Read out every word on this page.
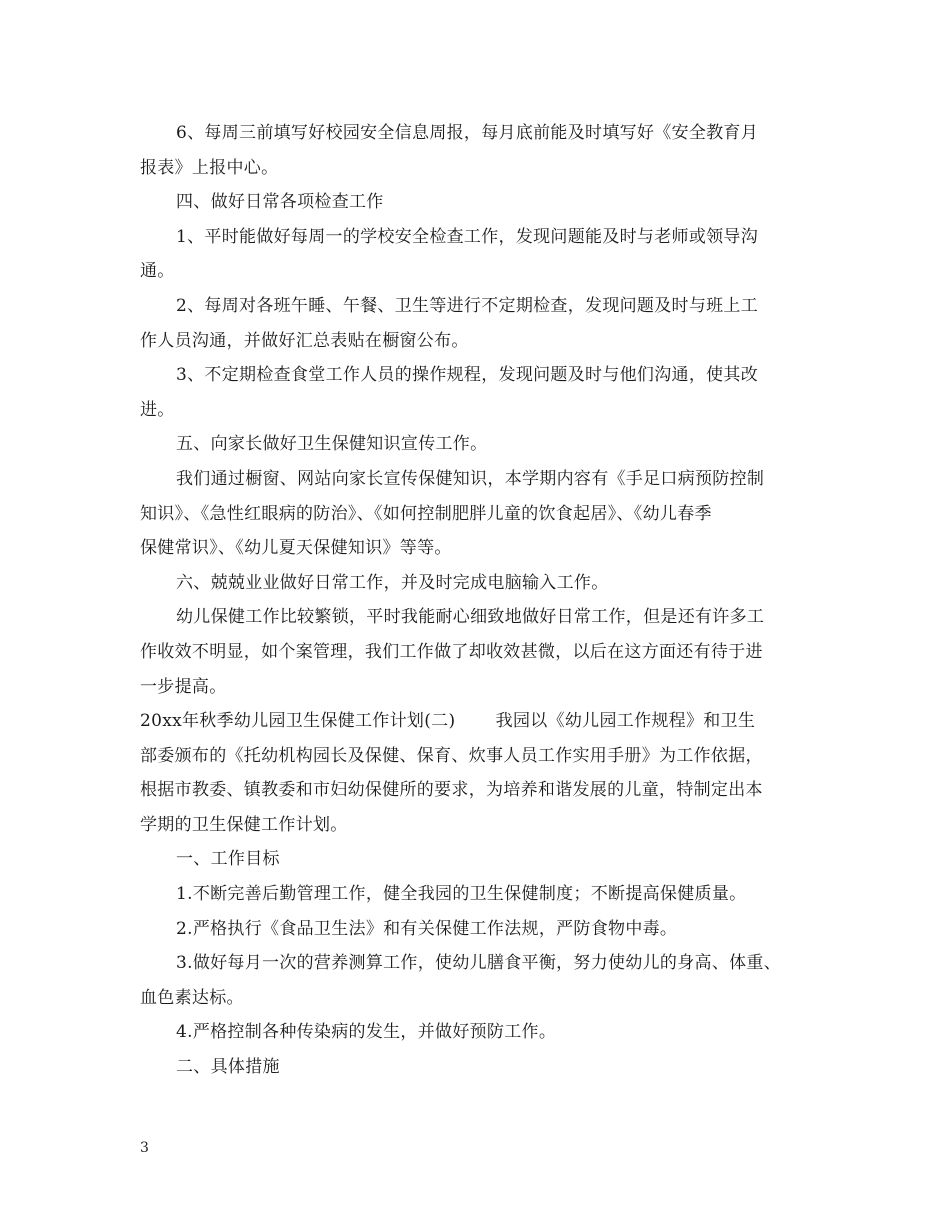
6、每周三前填写好校园安全信息周报，每月底前能及时填写好《安全教育月
报表》上报中心。
四、做好日常各项检查工作
1、平时能做好每周一的学校安全检查工作，发现问题能及时与老师或领导沟
通。
2、每周对各班午睡、午餐、卫生等进行不定期检查，发现问题及时与班上工
作人员沟通，并做好汇总表贴在橱窗公布。
3、不定期检查食堂工作人员的操作规程，发现问题及时与他们沟通，使其改
进。
五、向家长做好卫生保健知识宣传工作。
我们通过橱窗、网站向家长宣传保健知识，本学期内容有《手足口病预防控制
知识》、《急性红眼病的防治》、《如何控制肥胖儿童的饮食起居》、《幼儿春季
保健常识》、《幼儿夏天保健知识》等等。
六、兢兢业业做好日常工作，并及时完成电脑输入工作。
幼儿保健工作比较繁锁，平时我能耐心细致地做好日常工作，但是还有许多工
作收效不明显，如个案管理，我们工作做了却收效甚微，以后在这方面还有待于进
一步提高。
20xx年秋季幼儿园卫生保健工作计划(二)　　 我园以《幼儿园工作规程》和卫生
部委颁布的《托幼机构园长及保健、保育、炊事人员工作实用手册》为工作依据，
根据市教委、镇教委和市妇幼保健所的要求，为培养和谐发展的儿童，特制定出本
学期的卫生保健工作计划。
一、工作目标
1.不断完善后勤管理工作，健全我园的卫生保健制度；不断提高保健质量。
2.严格执行《食品卫生法》和有关保健工作法规，严防食物中毒。
3.做好每月一次的营养测算工作，使幼儿膳食平衡，努力使幼儿的身高、体重、
血色素达标。
4.严格控制各种传染病的发生，并做好预防工作。
二、具体措施
3
